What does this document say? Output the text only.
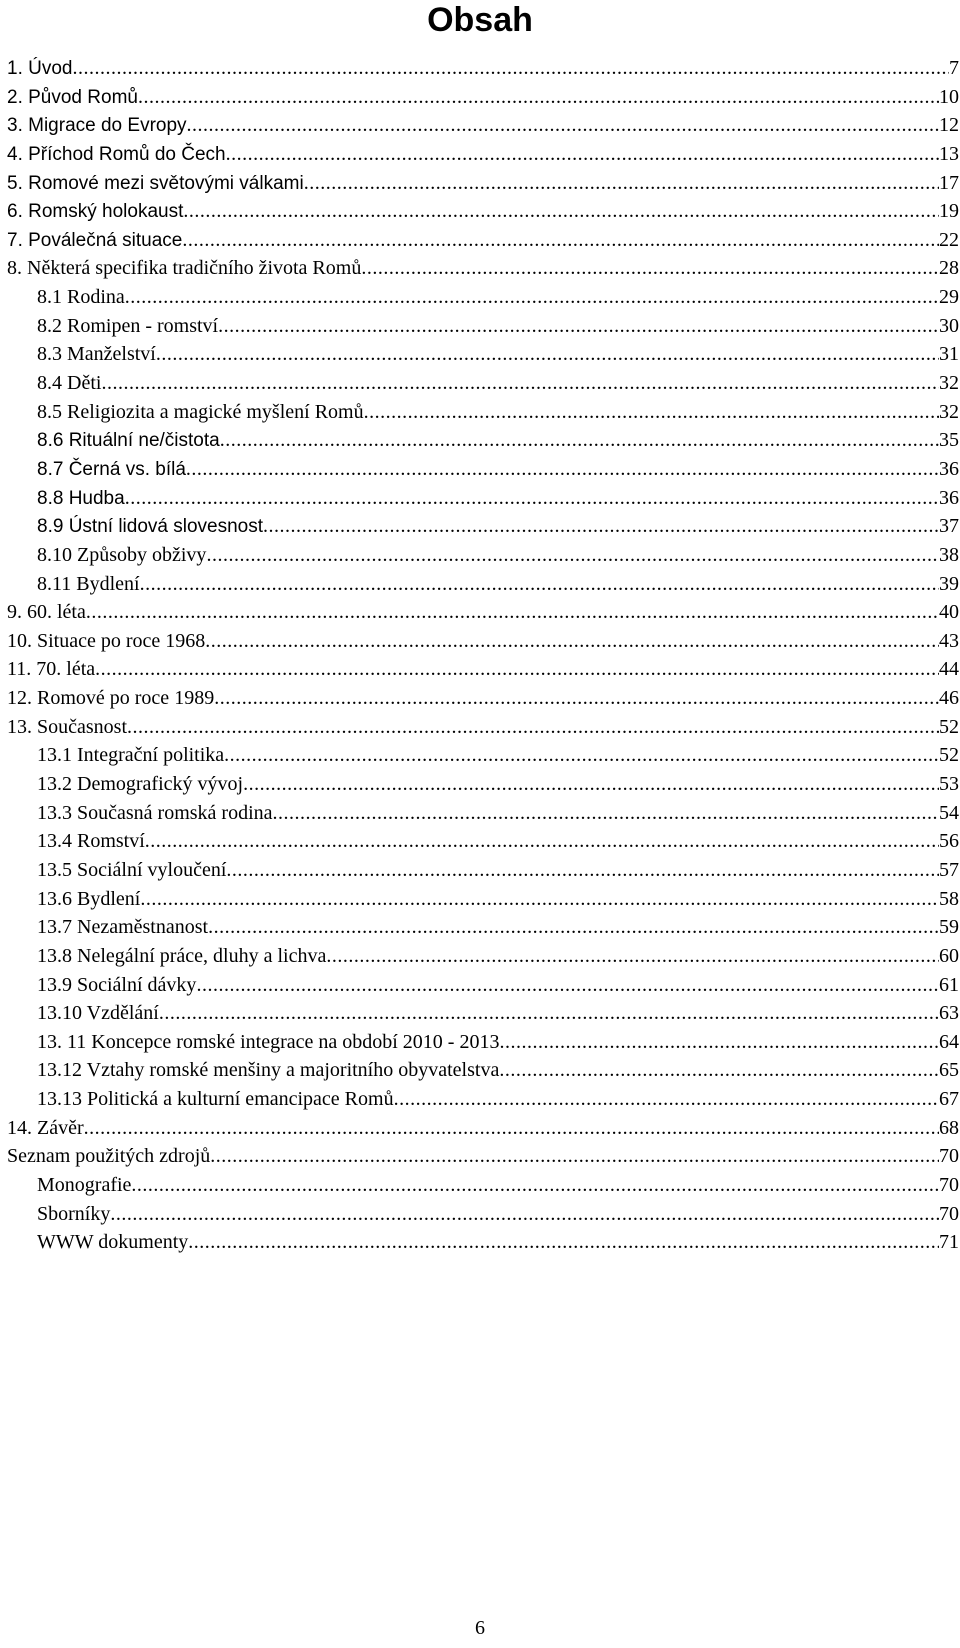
Obsah
1. Úvod .....	7
2. Původ Romů .....	10
3. Migrace do Evropy .....	12
4. Příchod Romů do Čech .....	13
5. Romové mezi světovými válkami .....	17
6. Romský holokaust .....	19
7. Poválečná situace .....	22
8. Některá specifika tradičního života Romů .....	28
8.1 Rodina .....	29
8.2 Romipen - romství .....	30
8.3 Manželství .....	31
8.4 Děti .....	32
8.5 Religiozita a magické myšlení Romů .....	32
8.6 Rituální ne/čistota .....	35
8.7 Černá vs. bílá .....	36
8.8 Hudba .....	36
8.9 Ústní lidová slovesnost .....	37
8.10 Způsoby obživy .....	38
8.11 Bydlení .....	39
9. 60. léta .....	40
10. Situace po roce 1968 .....	43
11. 70. léta .....	44
12. Romové po roce 1989 .....	46
13. Současnost .....	52
13.1 Integrační politika .....	52
13.2 Demografický vývoj .....	53
13.3 Současná romská rodina .....	54
13.4 Romství .....	56
13.5 Sociální vyloučení .....	57
13.6 Bydlení .....	58
13.7 Nezaměstnanost .....	59
13.8 Nelegální práce, dluhy a lichva .....	60
13.9 Sociální dávky .....	61
13.10 Vzdělání .....	63
13. 11 Koncepce romské integrace na období 2010 - 2013 .....	64
13.12 Vztahy romské menšiny a majoritního obyvatelstva .....	65
13.13 Politická a kulturní emancipace Romů .....	67
14. Závěr .....	68
Seznam použitých zdrojů .....	70
Monografie .....	70
Sborníky .....	70
WWW dokumenty .....	71
6
